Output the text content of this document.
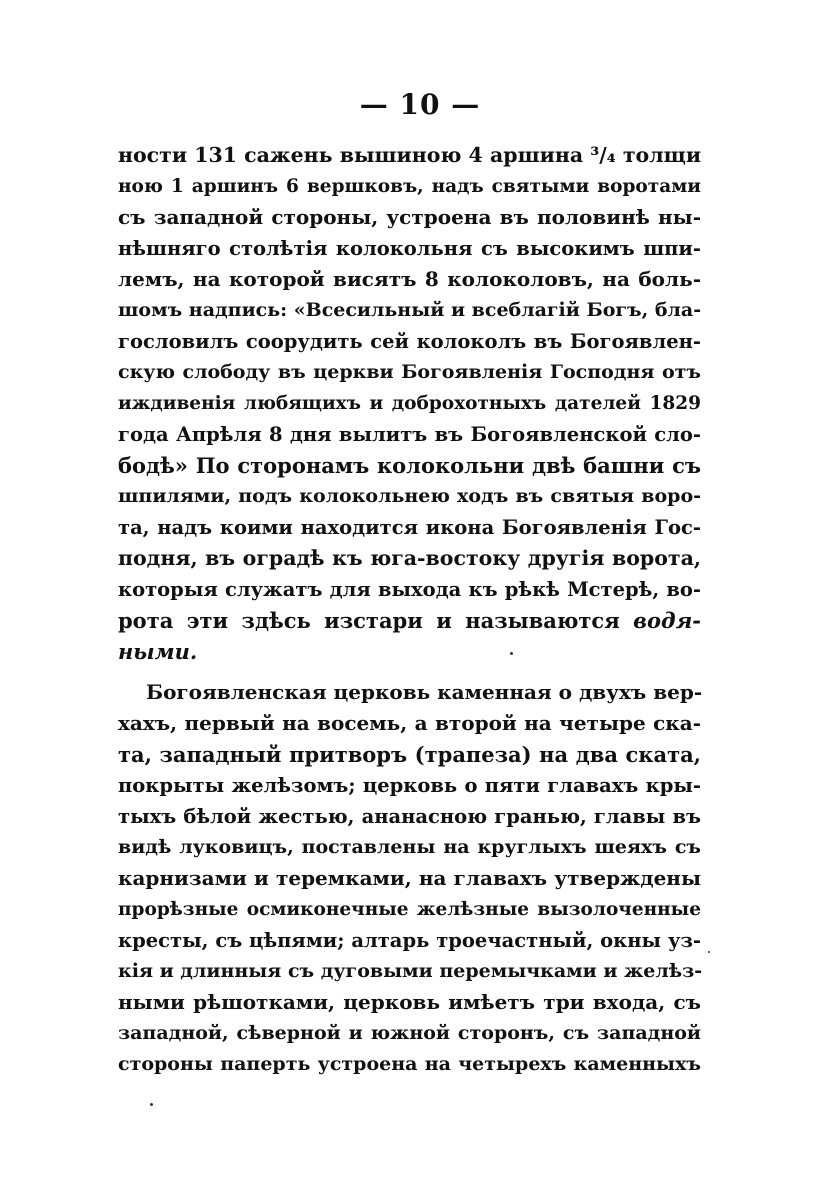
— 10 —
ности 131 сажень вышиною 4 аршина ³/₄ толщи
ною 1 аршинъ 6 вершковъ, надъ святыми воротами
съ западной стороны, устроена въ половинѣ ны-
нѣшняго столѣтія колокольня съ высокимъ шпи-
лемъ, на которой висятъ 8 колоколовъ, на боль-
шомъ надпись: «Всесильный и всеблагій Богъ, бла-
гословилъ соорудить сей колоколъ въ Богоявлен-
скую слободу въ церкви Богоявленія Господня отъ
иждивенія любящихъ и доброхотныхъ дателей 1829
года Апрѣля 8 дня вылитъ въ Богоявленской сло-
бодѣ» По сторонамъ колокольни двѣ башни съ
шпилями, подъ колокольнею ходъ въ святыя воро-
та, надъ коими находится икона Богоявленія Гос-
подня, въ оградѣ къ юга-востоку другія ворота,
которыя служатъ для выхода къ рѣкѣ Мстерѣ, во-
рота эти здѣсь изстари и называются водя-
ными.
Богоявленская церковь каменная о двухъ вер-
хахъ, первый на восемь, а второй на четыре ска-
та, западный притворъ (трапеза) на два ската,
покрыты желѣзомъ; церковь о пяти главахъ кры-
тыхъ бѣлой жестью, ананасною гранью, главы въ
видѣ луковицъ, поставлены на круглыхъ шеяхъ съ
карнизами и теремками, на главахъ утверждены
прорѣзные осмиконечные желѣзные вызолоченные
кресты, съ цѣпями; алтарь троечастный, окны уз-
кія и длинныя съ дуговыми перемычками и желѣз-
ными рѣшотками, церковь имѣетъ три входа, съ
западной, сѣверной и южной сторонъ, съ западной
стороны паперть устроена на четырехъ каменныхъ
